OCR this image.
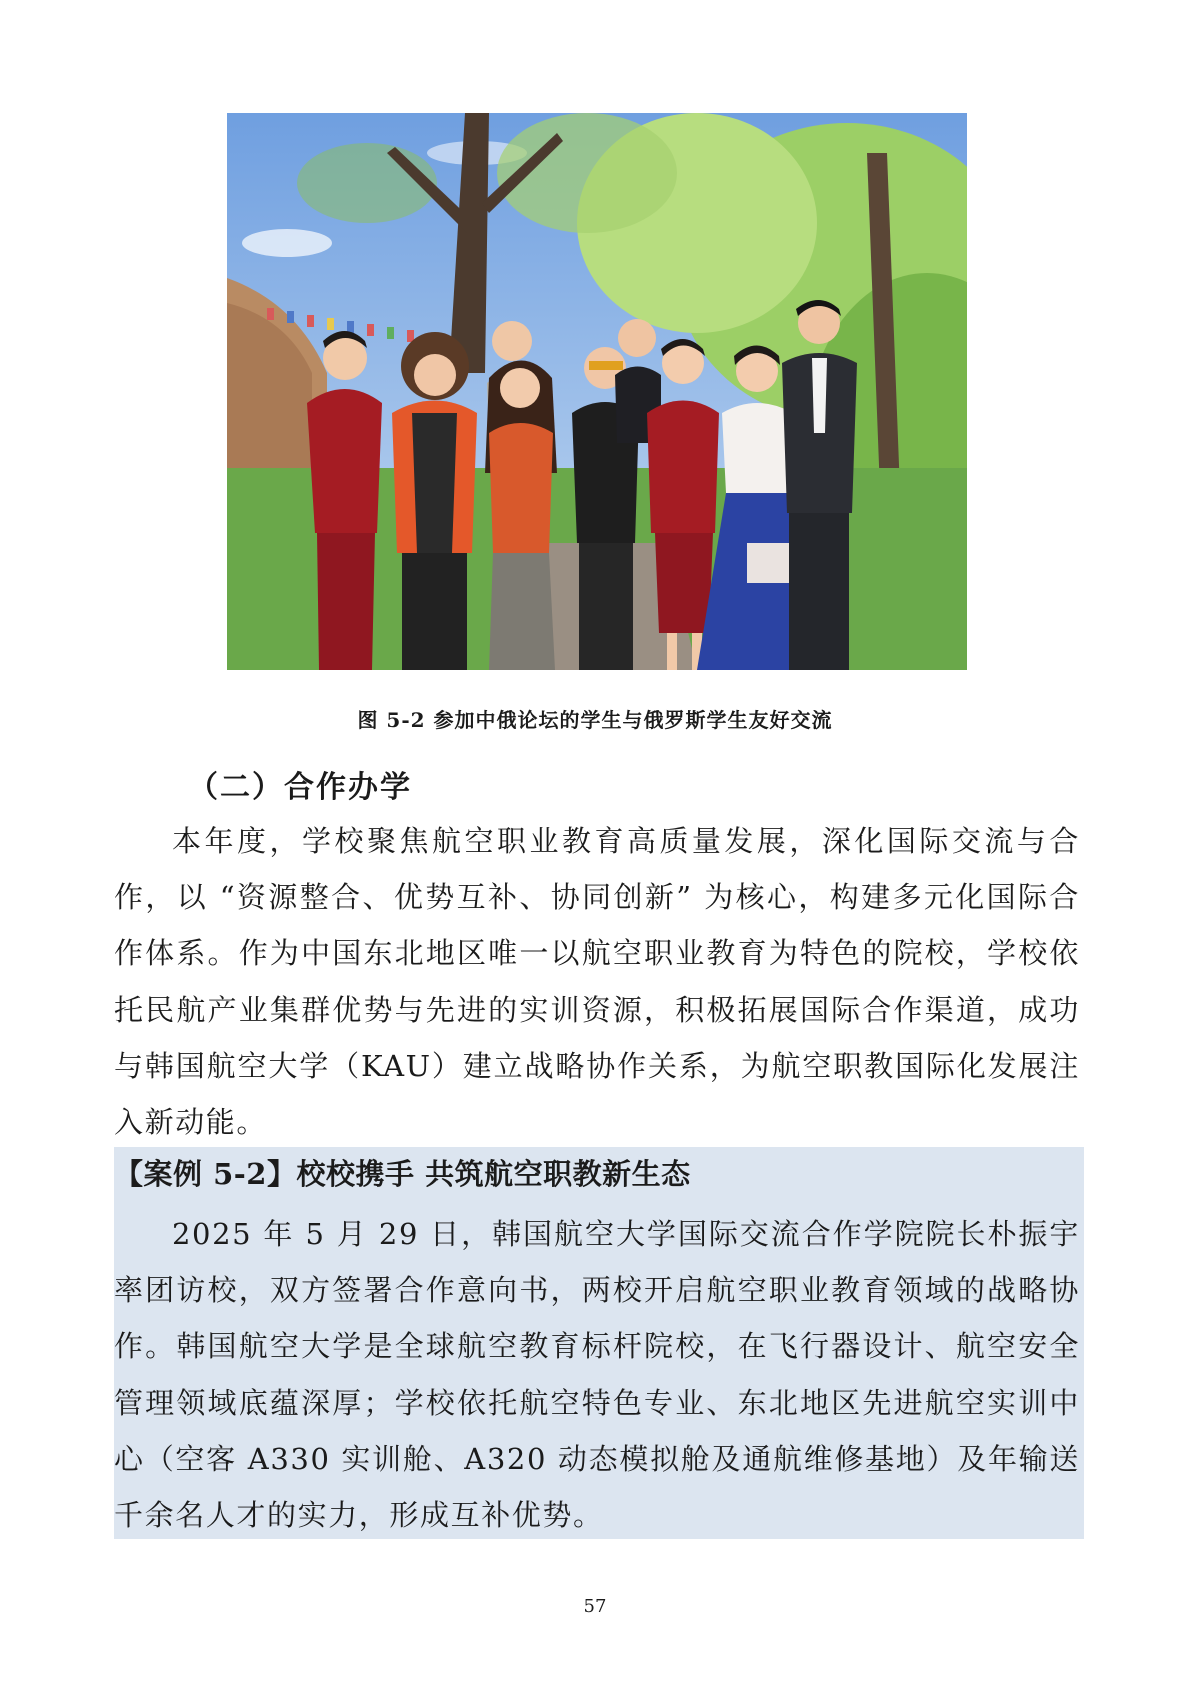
图 5-2 参加中俄论坛的学生与俄罗斯学生友好交流
（二）合作办学

本年度，学校聚焦航空职业教育高质量发展，深化国际交流与合作，以 “资源整合、优势互补、协同创新” 为核心，构建多元化国际合作体系。作为中国东北地区唯一以航空职业教育为特色的院校，学校依托民航产业集群优势与先进的实训资源，积极拓展国际合作渠道，成功与韩国航空大学（KAU）建立战略协作关系，为航空职教国际化发展注入新动能。

【案例 5-2】校校携手 共筑航空职教新生态

2025 年 5 月 29 日，韩国航空大学国际交流合作学院院长朴振宇率团访校，双方签署合作意向书，两校开启航空职业教育领域的战略协作。韩国航空大学是全球航空教育标杆院校，在飞行器设计、航空安全管理领域底蕴深厚；学校依托航空特色专业、东北地区先进航空实训中心（空客 A330 实训舱、A320 动态模拟舱及通航维修基地）及年输送千余名人才的实力，形成互补优势。

57
